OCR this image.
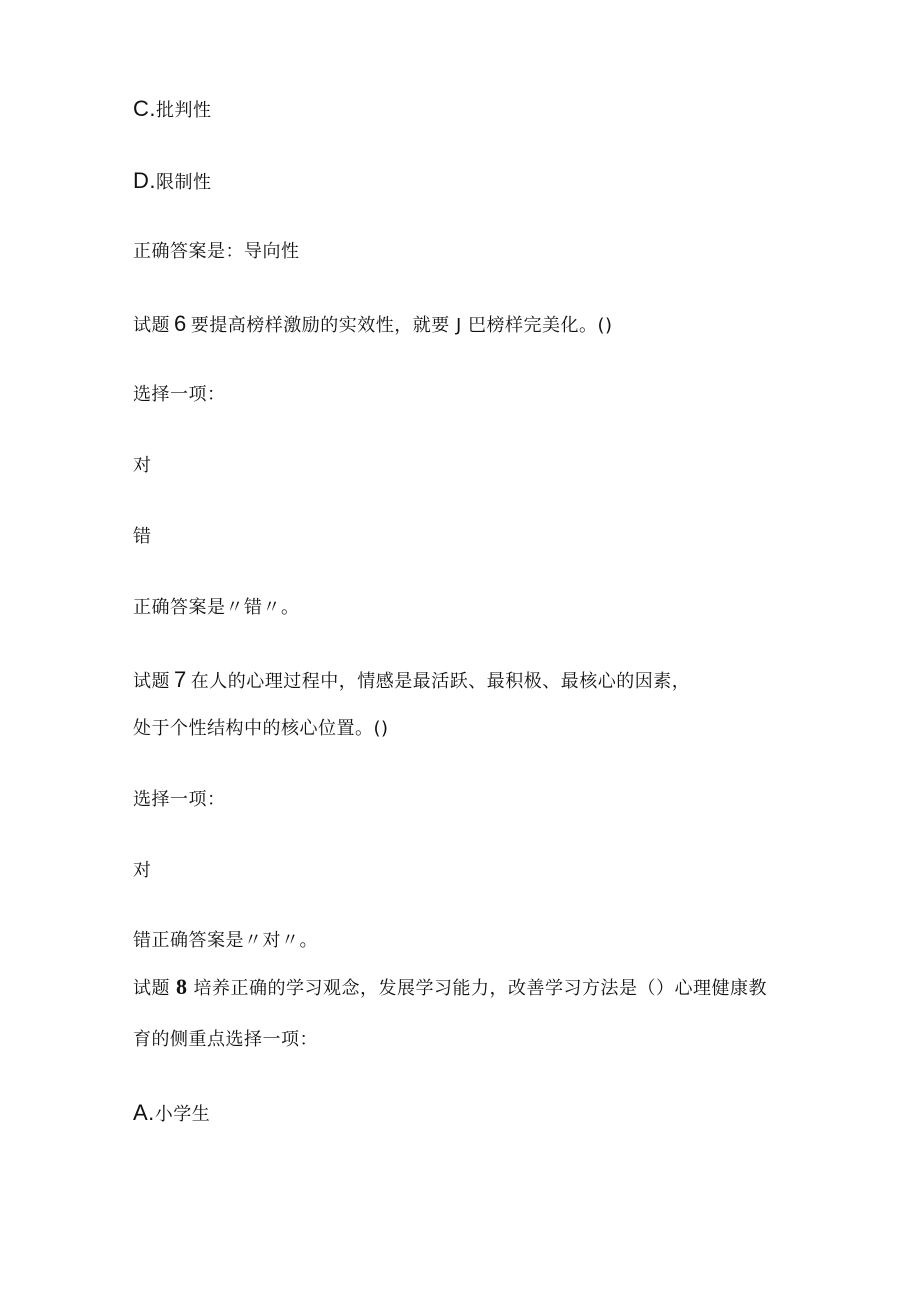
C.批判性
D.限制性
正确答案是：导向性
试题 6 要提高榜样激励的实效性，就要 J 巴榜样完美化。()
选择一项：
对
错
正确答案是〃错〃。
试题 7 在人的心理过程中，情感是最活跃、最积极、最核心的因素，
处于个性结构中的核心位置。()
选择一项：
对
错正确答案是〃对〃。
试题 8 培养正确的学习观念，发展学习能力，改善学习方法是（）心理健康教
育的侧重点选择一项：
A.小学生
